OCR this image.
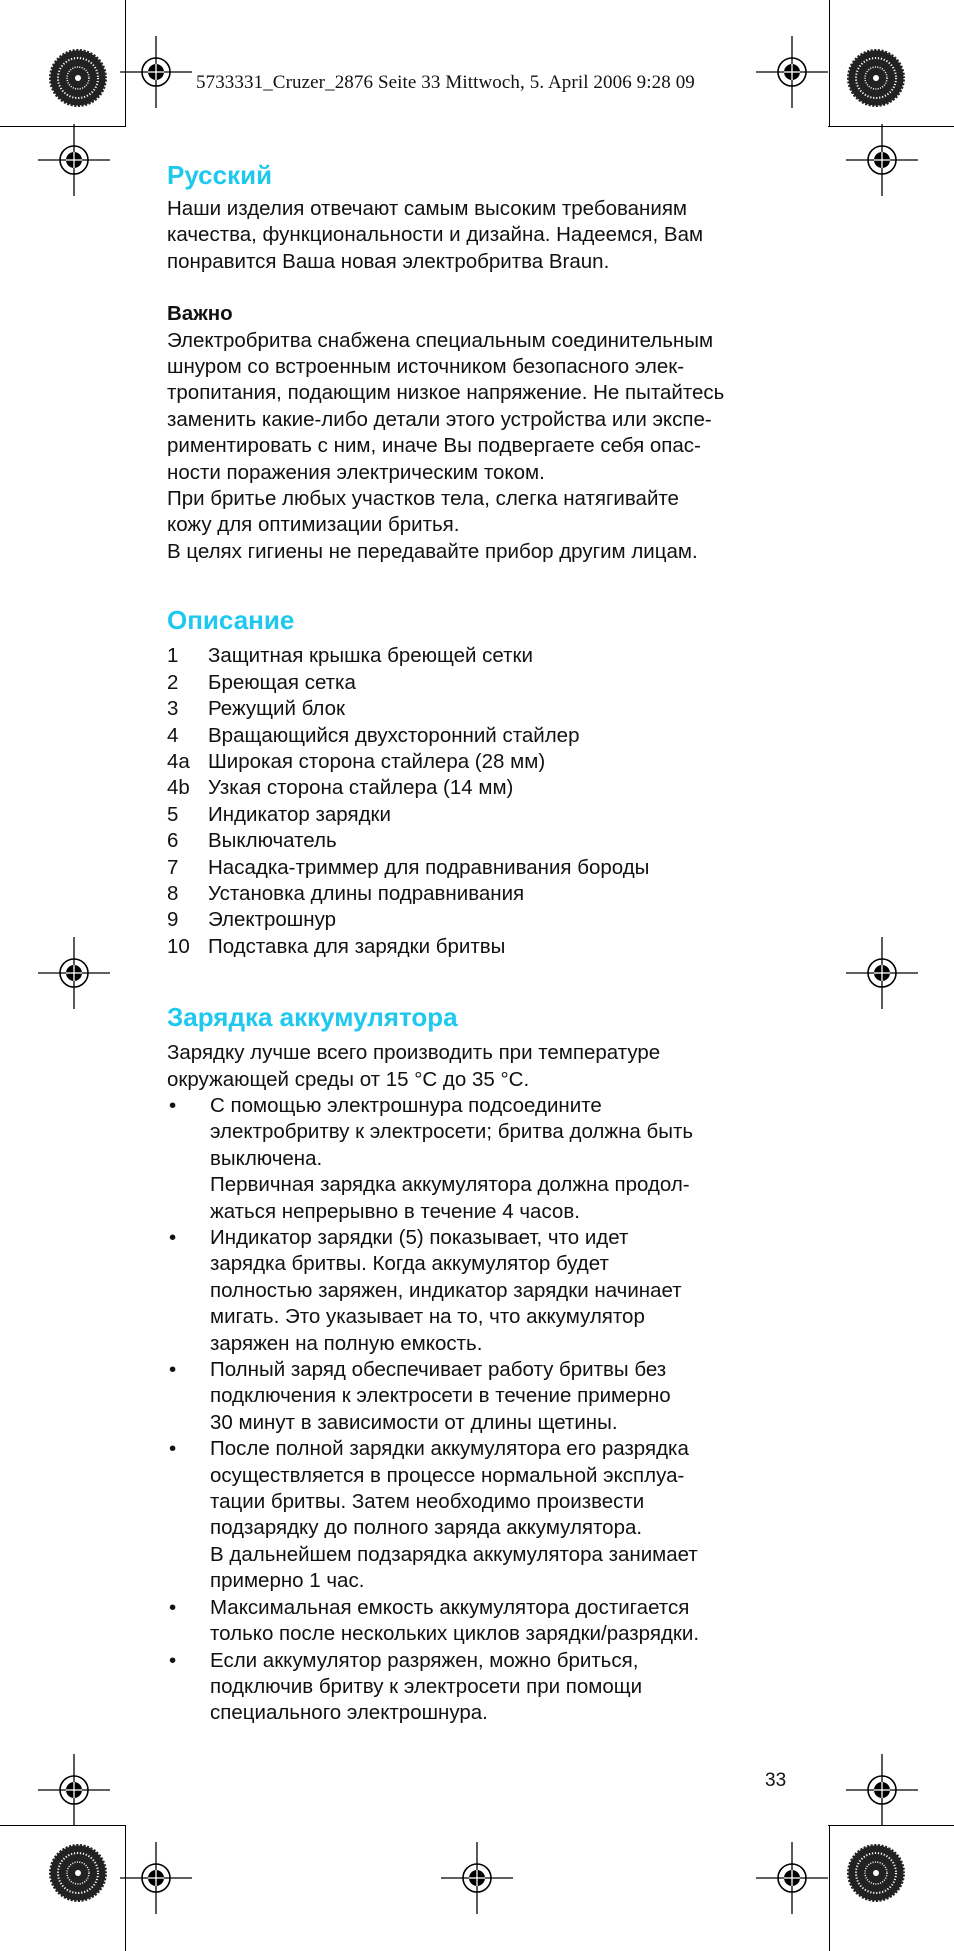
5733331_Cruzer_2876 Seite 33 Mittwoch, 5. April 2006 9:28 09
Русский

Наши изделия отвечают самым высоким требованиям

качества, функциональности и дизайна. Надеемся, Вам

понравится Ваша новая электробритва Braun.

Важно

Электробритва снабжена специальным соединительным

шнуром со встроенным источником безопасного элек-

тропитания, подающим низкое напряжение. Не пытайтесь

заменить какие-либо детали этого устройства или экспе-

риментировать с ним, иначе Вы подвергаете себя опас-

ности поражения электрическим током.

При бритье любых участков тела, слегка натягивайте

кожу для оптимизации бритья.

В целях гигиены не передавайте прибор другим лицам.

Описание
1	Защитная крышка бреющей сетки
2	Бреющая сетка
3	Режущий блок
4	Вращающийся двухсторонний стайлер
4a Широкая сторона стайлера (28 мм)
4b Узкая сторона стайлера (14 мм)
5	Индикатор зарядки
6	Выключатель
7	Насадка-триммер для подравнивания бороды
8	Установка длины подравнивания
9	Электрошнур
10 Подставка для зарядки бритвы
Зарядка аккумулятора

Зарядку лучше всего производить при температуре

окружающей среды от 15 °C до 35 °C.

•	С помощью электрошнура подсоедините

электробритву к электросети; бритва должна быть

выключена.

Первичная зарядка аккумулятора должна продол-

жаться непрерывно в течение 4 часов.

•	Индикатор зарядки (5) показывает, что идет

зарядка бритвы. Когда аккумулятор будет

полностью заряжен, индикатор зарядки начинает

мигать. Это указывает на то, что аккумулятор

заряжен на полную емкость.

•	Полный заряд обеспечивает работу бритвы без

подключения к электросети в течение примерно

30 минут в зависимости от длины щетины.

•	После полной зарядки аккумулятора его разрядка

осуществляется в процессе нормальной эксплуа-

тации бритвы. Затем необходимо произвести

подзарядку до полного заряда аккумулятора.

В дальнейшем подзарядка аккумулятора занимает

примерно 1 час.

•	Максимальная емкость аккумулятора достигается

только после нескольких циклов зарядки/разрядки.

•	Если аккумулятор разряжен, можно бриться,

подключив бритву к электросети при помощи

специального электрошнура.

33
